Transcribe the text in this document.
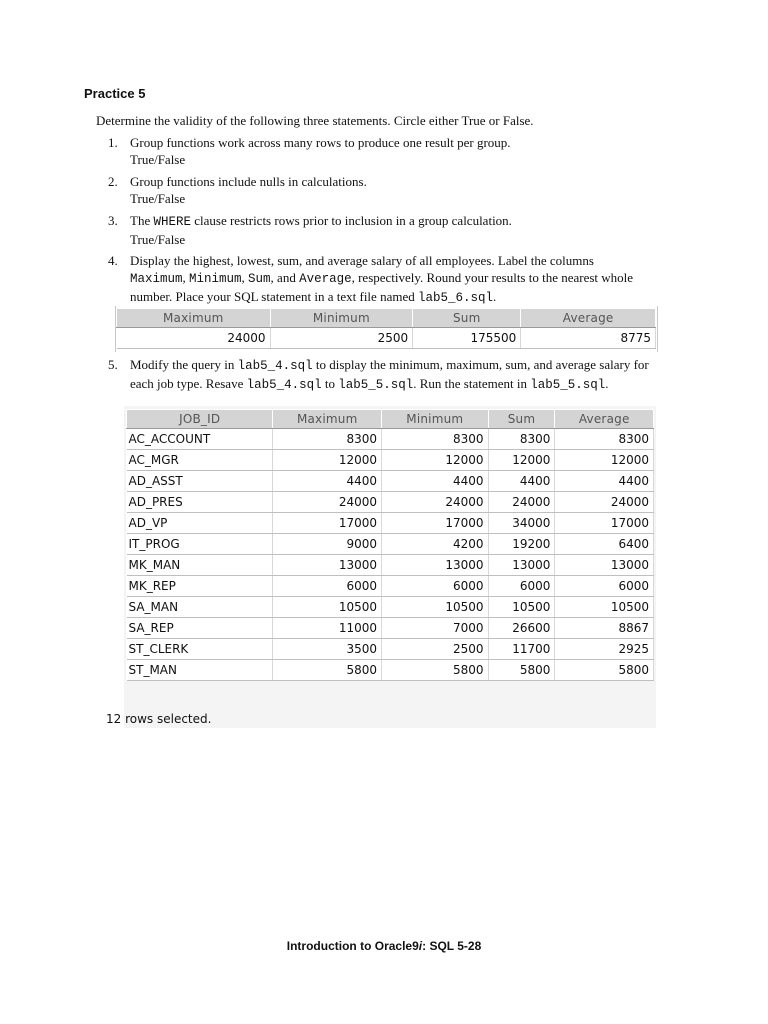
Practice 5
Determine the validity of the following three statements. Circle either True or False.
1. Group functions work across many rows to produce one result per group.
True/False
2. Group functions include nulls in calculations.
True/False
3. The WHERE clause restricts rows prior to inclusion in a group calculation.
True/False
4. Display the highest, lowest, sum, and average salary of all employees. Label the columns
Maximum, Minimum, Sum, and Average, respectively. Round your results to the nearest whole
number. Place your SQL statement in a text file named lab5_6.sql.
Maximum	Minimum	Sum	Average
24000	2500	175500	8775
5. Modify the query in lab5_4.sql to display the minimum, maximum, sum, and average salary for
each job type. Resave lab5_4.sql to lab5_5.sql. Run the statement in lab5_5.sql.
JOB_ID	Maximum	Minimum	Sum	Average
AC_ACCOUNT	8300	8300	8300	8300
AC_MGR	12000	12000	12000	12000
AD_ASST	4400	4400	4400	4400
AD_PRES	24000	24000	24000	24000
AD_VP	17000	17000	34000	17000
IT_PROG	9000	4200	19200	6400
MK_MAN	13000	13000	13000	13000
MK_REP	6000	6000	6000	6000
SA_MAN	10500	10500	10500	10500
SA_REP	11000	7000	26600	8867
ST_CLERK	3500	2500	11700	2925
ST_MAN	5800	5800	5800	5800
12 rows selected.
Introduction to Oracle9i: SQL 5-28
